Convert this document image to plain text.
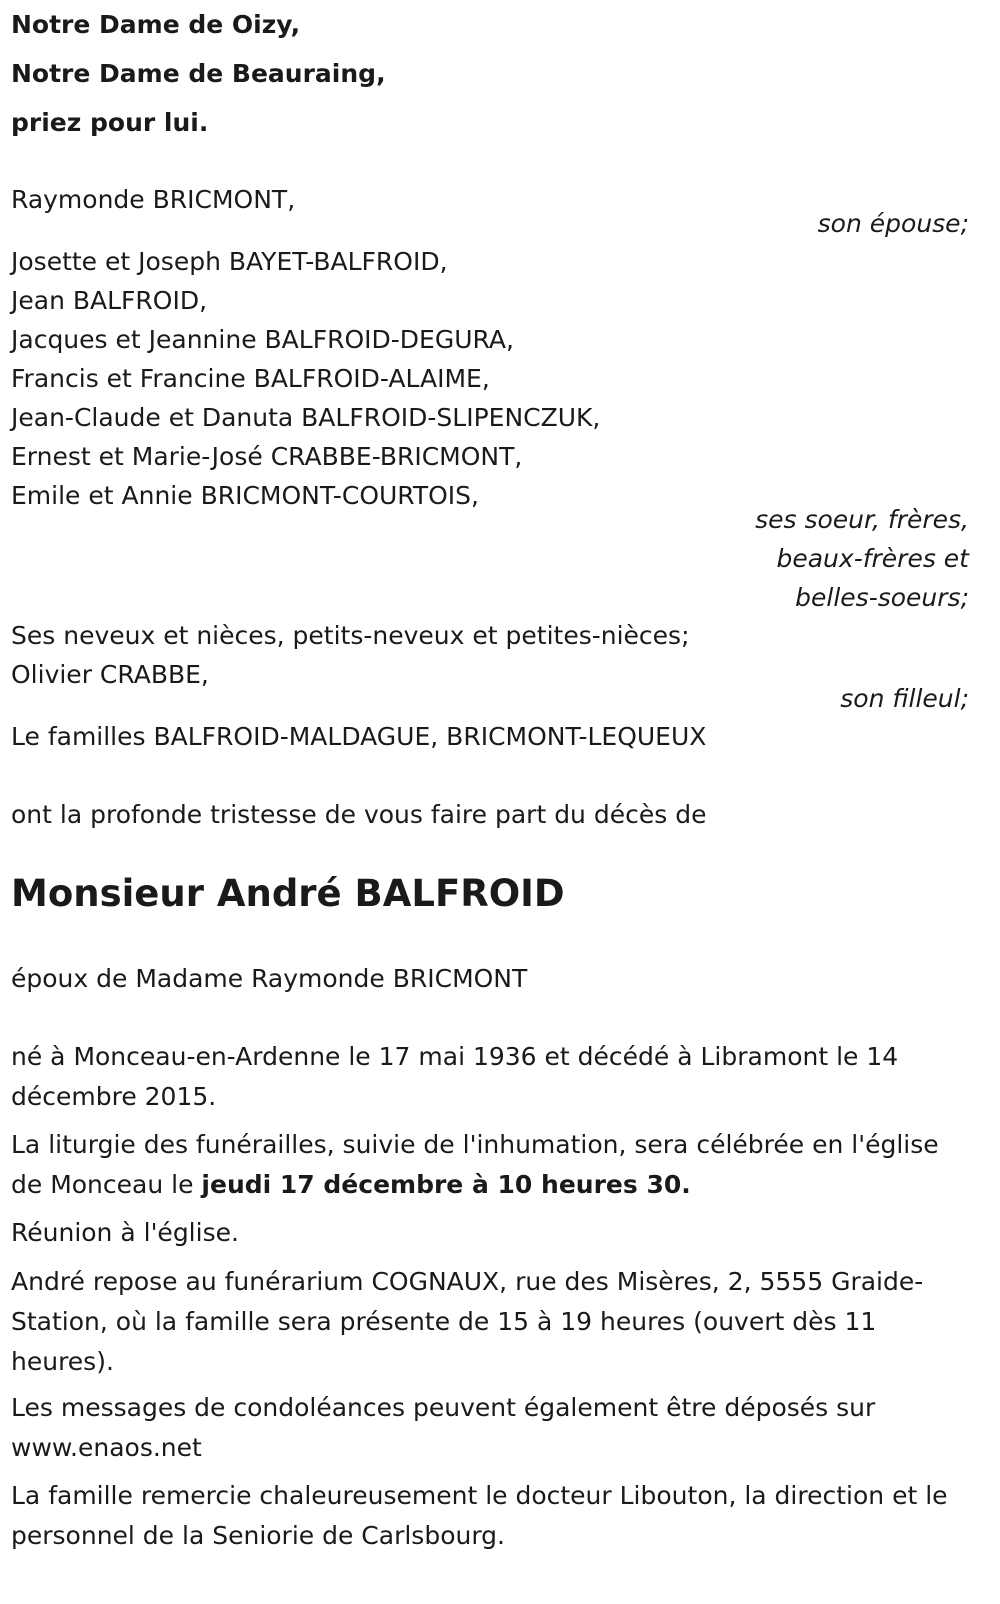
Notre Dame de Oizy,
Notre Dame de Beauraing,
priez pour lui.
Raymonde BRICMONT,
son épouse;
Josette et Joseph BAYET-BALFROID,
Jean BALFROID,
Jacques et Jeannine BALFROID-DEGURA,
Francis et Francine BALFROID-ALAIME,
Jean-Claude et Danuta BALFROID-SLIPENCZUK,
Ernest et Marie-José CRABBE-BRICMONT,
Emile et Annie BRICMONT-COURTOIS,
ses soeur, frères,
beaux-frères et
belles-soeurs;
Ses neveux et nièces, petits-neveux et petites-nièces;
Olivier CRABBE,
son filleul;
Le familles BALFROID-MALDAGUE, BRICMONT-LEQUEUX
ont la profonde tristesse de vous faire part du décès de
Monsieur André BALFROID
époux de Madame Raymonde BRICMONT

né à Monceau-en-Ardenne le 17 mai 1936 et décédé à Libramont le 14 décembre 2015.

La liturgie des funérailles, suivie de l'inhumation, sera célébrée en l'église de Monceau le jeudi 17 décembre à 10 heures 30.

Réunion à l'église.

André repose au funérarium COGNAUX, rue des Misères, 2, 5555 Graide-Station, où la famille sera présente de 15 à 19 heures (ouvert dès 11 heures).

Les messages de condoléances peuvent également être déposés sur www.enaos.net

La famille remercie chaleureusement le docteur Libouton, la direction et le personnel de la Seniorie de Carlsbourg.
